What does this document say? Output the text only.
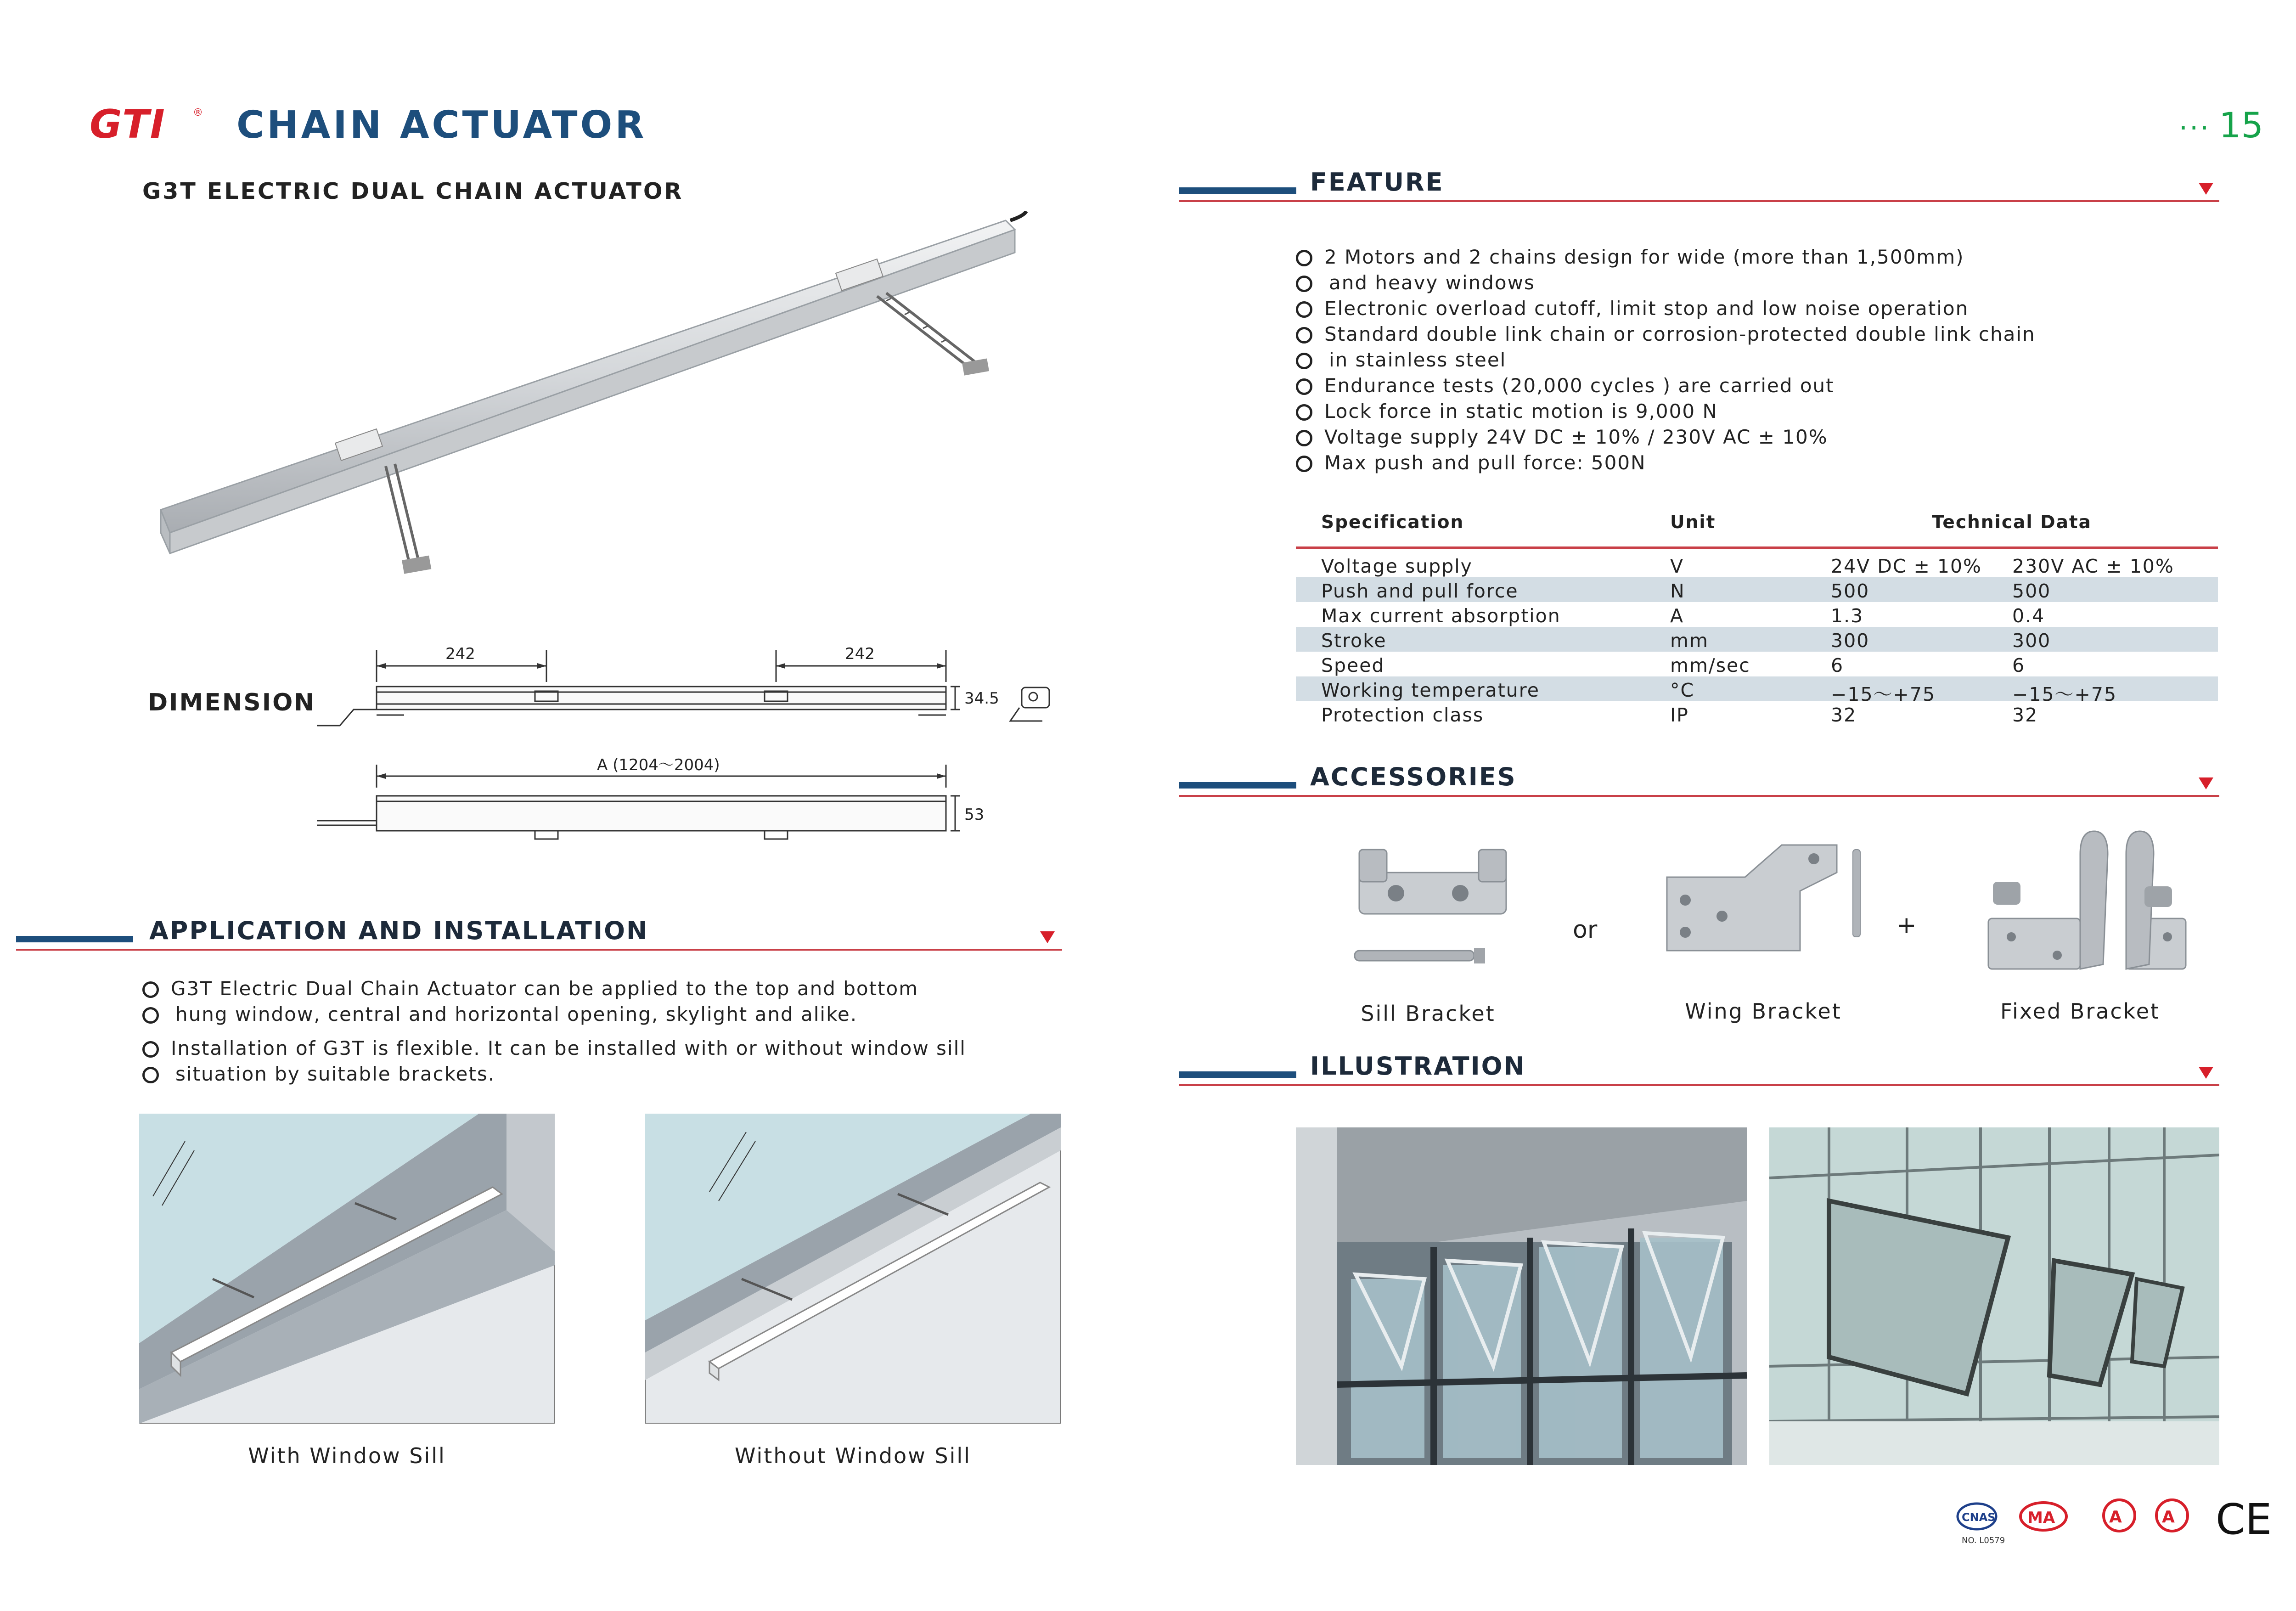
GTI	® CHAIN ACTUATOR
G3T ELECTRIC DUAL CHAIN ACTUATOR
··· 15
DIMENSION
242	242
34.5
A (1204～2004)
53
FEATURE
2 Motors and 2 chains design for wide (more than 1,500mm)
and heavy windows
Electronic overload cutoff, limit stop and low noise operation
Standard double link chain or corrosion-protected double link chain
in stainless steel
Endurance tests (20,000 cycles ) are carried out
Lock force in static motion is 9,000 N
Voltage supply 24V DC ± 10% / 230V AC ± 10%
Max push and pull force: 500N
Specification	Unit	Technical Data
Voltage supply	V	24V DC ± 10% 230V AC ± 10%
Push and pull force	N	500	500
Max current absorption	A	1.3	0.4
Stroke	mm	300	300
Speed	mm/sec	6	6
Working temperature	°C	−15～+75	−15～+75
Protection class	IP	32	32
ACCESSORIES
or	+
Sill Bracket	Wing Bracket	Fixed Bracket
ILLUSTRATION
APPLICATION AND INSTALLATION
G3T Electric Dual Chain Actuator can be applied to the top and bottom
hung window, central and horizontal opening, skylight and alike.
Installation of G3T is flexible. It can be installed with or without window sill
situation by suitable brackets.
With Window Sill	Without Window Sill
CNAS
NO. L0579
MA	A A CE
